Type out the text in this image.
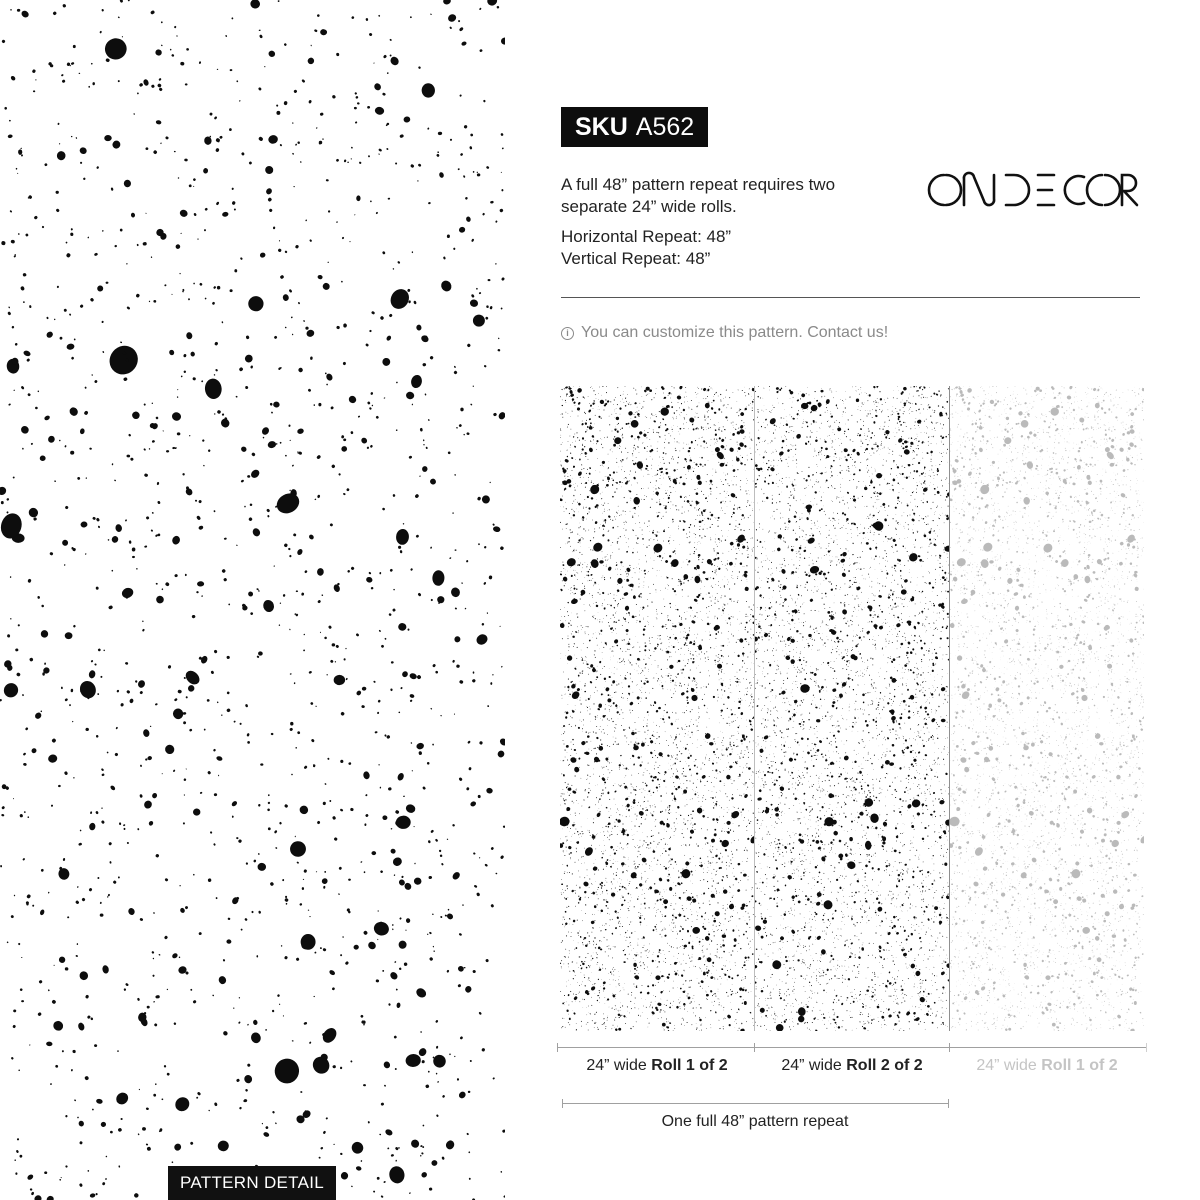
PATTERN DETAIL
SKU A562
A full 48” pattern repeat requires two separate 24” wide rolls.
Horizontal Repeat: 48”
Vertical Repeat: 48”
i You can customize this pattern. Contact us!
24” wide Roll 1 of 2	24” wide Roll 2 of 2	24” wide Roll 1 of 2
One full 48” pattern repeat
